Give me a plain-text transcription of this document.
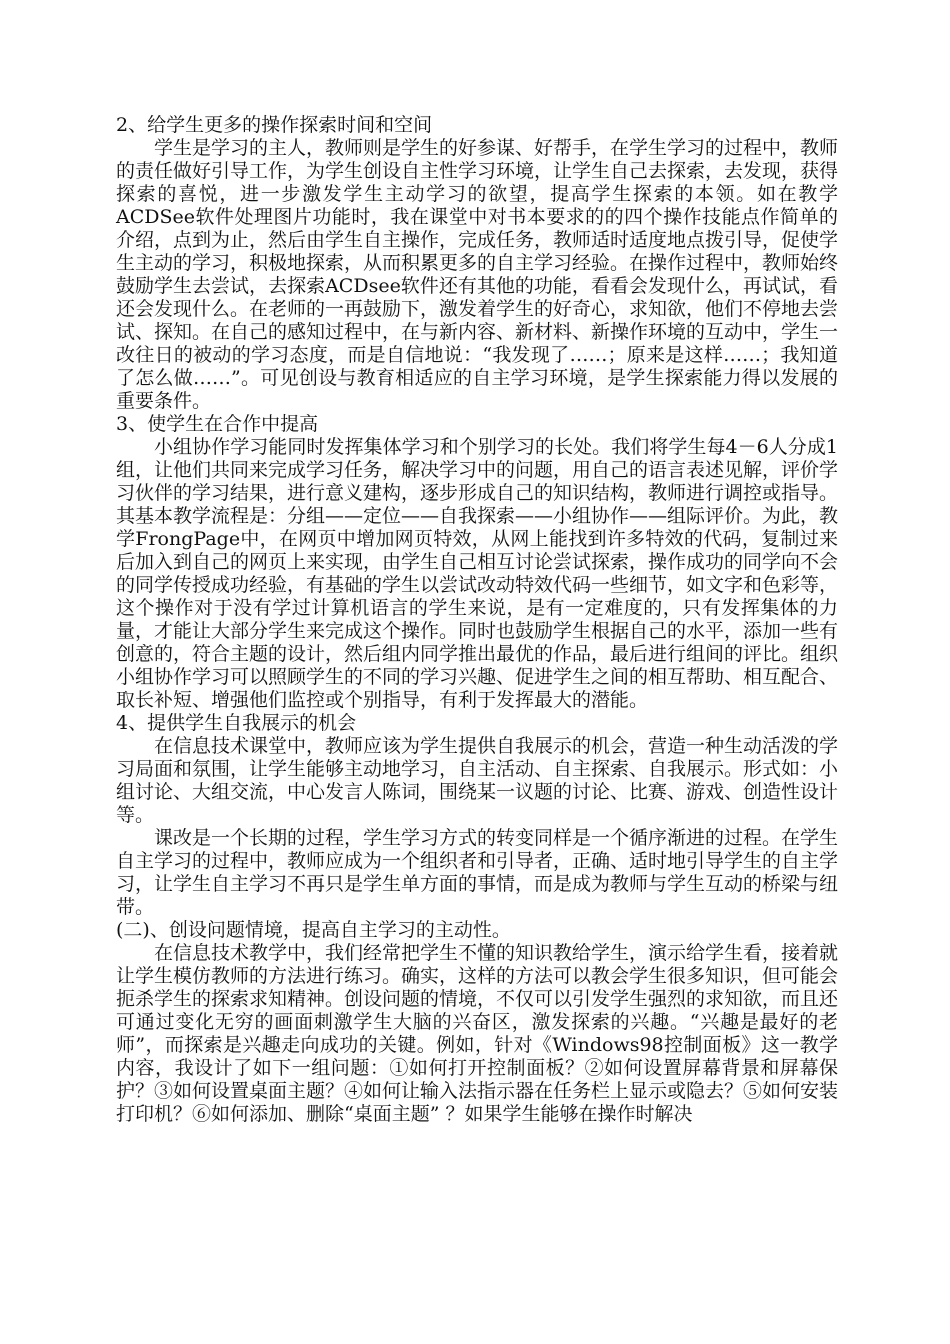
2、给学生更多的操作探索时间和空间

学生是学习的主人，教师则是学生的好参谋、好帮手，在学生学习的过程中，教师的责任做好引导工作，为学生创设自主性学习环境，让学生自己去探索，去发现，获得探索的喜悦，进一步激发学生主动学习的欲望，提高学生探索的本领。如在教学ACDSee软件处理图片功能时，我在课堂中对书本要求的的四个操作技能点作简单的介绍，点到为止，然后由学生自主操作，完成任务，教师适时适度地点拨引导，促使学生主动的学习，积极地探索，从而积累更多的自主学习经验。在操作过程中，教师始终鼓励学生去尝试，去探索ACDsee软件还有其他的功能，看看会发现什么，再试试，看还会发现什么。在老师的一再鼓励下，激发着学生的好奇心，求知欲，他们不停地去尝试、探知。在自己的感知过程中，在与新内容、新材料、新操作环境的互动中，学生一改往日的被动的学习态度，而是自信地说：“我发现了……；原来是这样……；我知道了怎么做……”。可见创设与教育相适应的自主学习环境，是学生探索能力得以发展的重要条件。

3、使学生在合作中提高

小组协作学习能同时发挥集体学习和个别学习的长处。我们将学生每4－6人分成1组，让他们共同来完成学习任务，解决学习中的问题，用自己的语言表述见解，评价学习伙伴的学习结果，进行意义建构，逐步形成自己的知识结构，教师进行调控或指导。其基本教学流程是：分组——定位——自我探索——小组协作——组际评价。为此，教学FrongPage中，在网页中增加网页特效，从网上能找到许多特效的代码，复制过来后加入到自己的网页上来实现，由学生自己相互讨论尝试探索，操作成功的同学向不会的同学传授成功经验，有基础的学生以尝试改动特效代码一些细节，如文字和色彩等，这个操作对于没有学过计算机语言的学生来说，是有一定难度的，只有发挥集体的力量，才能让大部分学生来完成这个操作。同时也鼓励学生根据自己的水平，添加一些有创意的，符合主题的设计，然后组内同学推出最优的作品，最后进行组间的评比。组织小组协作学习可以照顾学生的不同的学习兴趣、促进学生之间的相互帮助、相互配合、取长补短、增强他们监控或个别指导，有利于发挥最大的潜能。

4、提供学生自我展示的机会

在信息技术课堂中，教师应该为学生提供自我展示的机会，营造一种生动活泼的学习局面和氛围，让学生能够主动地学习，自主活动、自主探索、自我展示。形式如：小组讨论、大组交流，中心发言人陈词，围绕某一议题的讨论、比赛、游戏、创造性设计等。

课改是一个长期的过程，学生学习方式的转变同样是一个循序渐进的过程。在学生自主学习的过程中，教师应成为一个组织者和引导者，正确、适时地引导学生的自主学习，让学生自主学习不再只是学生单方面的事情，而是成为教师与学生互动的桥梁与纽带。

(二)、创设问题情境，提高自主学习的主动性。

在信息技术教学中，我们经常把学生不懂的知识教给学生，演示给学生看，接着就让学生模仿教师的方法进行练习。确实，这样的方法可以教会学生很多知识，但可能会扼杀学生的探索求知精神。创设问题的情境，不仅可以引发学生强烈的求知欲，而且还可通过变化无穷的画面刺激学生大脑的兴奋区，激发探索的兴趣。“兴趣是最好的老师”，而探索是兴趣走向成功的关键。例如，针对《Windows98控制面板》这一教学内容，我设计了如下一组问题：①如何打开控制面板？②如何设置屏幕背景和屏幕保护？③如何设置桌面主题？④如何让输入法指示器在任务栏上显示或隐去？⑤如何安装打印机？⑥如何添加、删除“桌面主题” ？如果学生能够在操作时解决
